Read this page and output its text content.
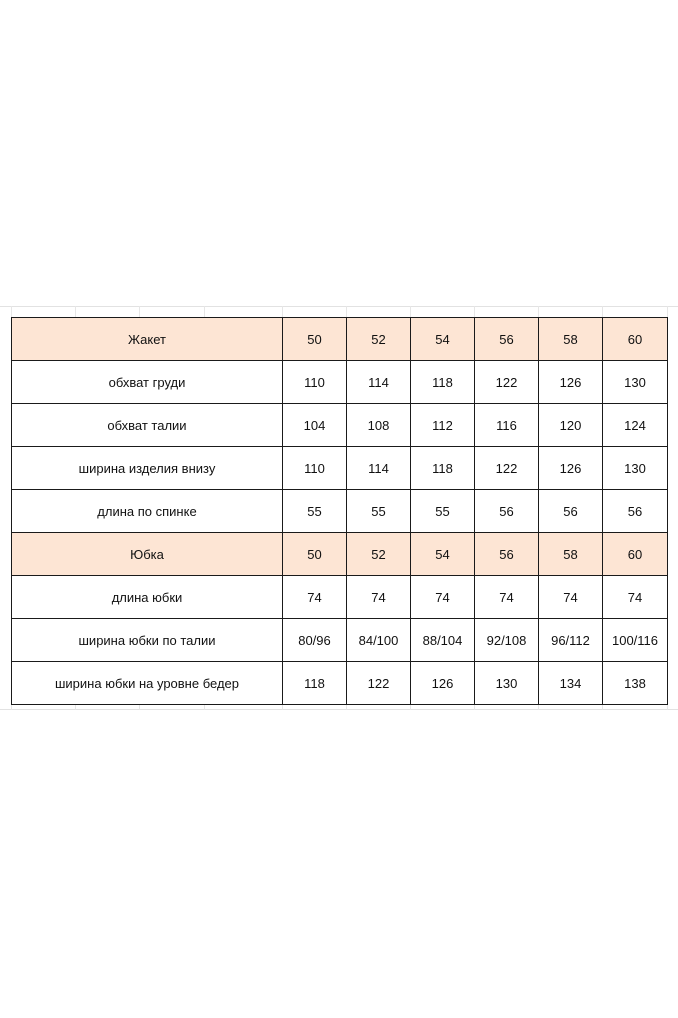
Жакет	50	52	54	56	58	60
обхват груди	110	114	118	122	126	130
обхват талии	104	108	112	116	120	124
ширина изделия внизу	110	114	118	122	126	130
длина по спинке	55	55	55	56	56	56
Юбка	50	52	54	56	58	60
длина юбки	74	74	74	74	74	74
ширина юбки по талии	80/96	84/100	88/104	92/108	96/112	100/116
ширина юбки на уровне бедер	118	122	126	130	134	138
